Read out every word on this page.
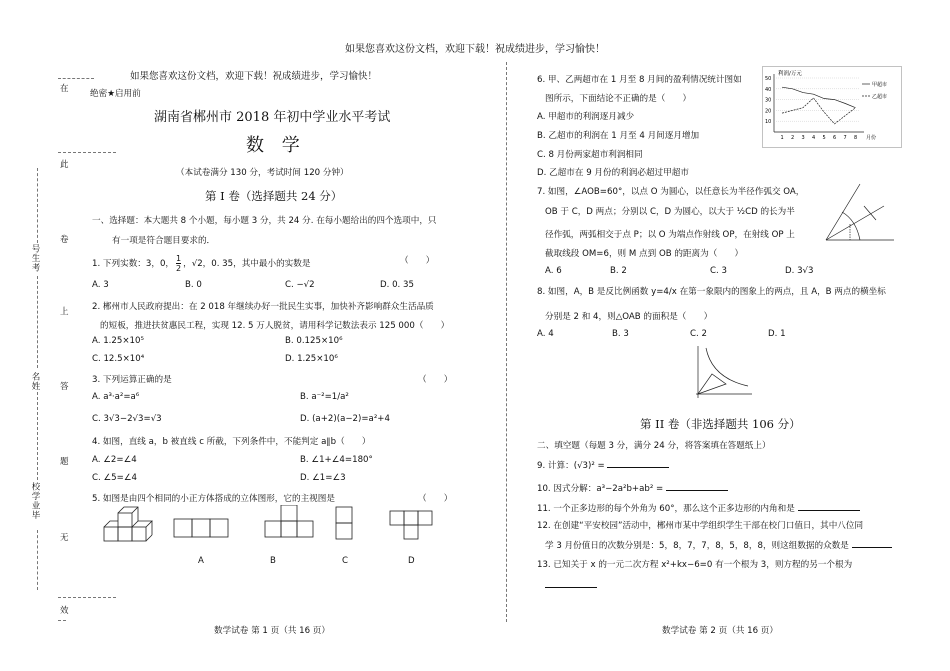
如果您喜欢这份文档，欢迎下载！祝成绩进步，学习愉快！
在
此
卷
上
答
题
无
效
号生考
名姓
校学业毕
如果您喜欢这份文档，欢迎下载！祝成绩进步，学习愉快！
绝密★启用前
湖南省郴州市 2018 年初中学业水平考试
数 学
（本试卷满分 130 分，考试时间 120 分钟）
第 I 卷（选择题共 24 分）
一、选择题：本大题共 8 个小题，每小题 3 分，共 24 分. 在每小题给出的四个选项中，只
有一项是符合题目要求的．
1. 下列实数：3，0， $\frac{1}{2}$ ，√2，0. 35，其中最小的实数是	（　　）
A. 3	B. 0	C. −√2	D. 0. 35
2. 郴州市人民政府提出：在 2 018 年继续办好一批民生实事，加快补齐影响群众生活品质
的短板，推进扶贫惠民工程，实现 12. 5 万人脱贫，请用科学记数法表示 125 000（　　）
A. 1.25×10⁵	B. 0.125×10⁶
C. 12.5×10⁴	D. 1.25×10⁶
3. 下列运算正确的是	（　　）
A. a³·a²=a⁶	B. a⁻²=1/a²
C. 3√3−2√3=√3	D. (a+2)(a−2)=a²+4
4. 如图，直线 a，b 被直线 c 所截，下列条件中，不能判定 a∥b（　　）
A. ∠2=∠4	B. ∠1+∠4=180°
C. ∠5=∠4	D. ∠1=∠3
5. 如图是由四个相同的小正方体搭成的立体图形，它的主视图是	（　　）
A	B	C	D
数学试卷 第 1 页（共 16 页）
6. 甲、乙两超市在 1 月至 8 月间的盈利情况统计图如
图所示，下面结论不正确的是（　　）
A. 甲超市的利润逐月减少
B. 乙超市的利润在 1 月至 4 月间逐月增加
C. 8 月份两家超市利润相同
D. 乙超市在 9 月份的利润必超过甲超市
利润/万元
月份
10
20
30
40
50
1 2 3 4 5 6 7 8
甲超市
乙超市
7. 如图，∠AOB=60°，以点 O 为圆心，以任意长为半径作弧交 OA，
OB 于 C，D 两点；分别以 C，D 为圆心，以大于 ½CD 的长为半
径作弧，两弧相交于点 P；以 O 为端点作射线 OP，在射线 OP 上
截取线段 OM=6，则 M 点到 OB 的距离为（　　）
A. 6	B. 2	C. 3	D. 3√3
8. 如图，A，B 是反比例函数 y=4/x 在第一象限内的图象上的两点，且 A，B 两点的横坐标
分别是 2 和 4，则△OAB 的面积是（　　）
A. 4	B. 3	C. 2	D. 1
第 II 卷（非选择题共 106 分）
二、填空题（每题 3 分，满分 24 分，将答案填在答题纸上）
9. 计算：(√3)² =
10. 因式分解：a³−2a²b+ab² =
11. 一个正多边形的每个外角为 60°，那么这个正多边形的内角和是
12. 在创建“平安校园”活动中，郴州市某中学组织学生干部在校门口值日，其中八位同
学 3 月份值日的次数分别是：5，8，7，7，8，5，8，8，则这组数据的众数是
13. 已知关于 x 的一元二次方程 x²+kx−6=0 有一个根为 3，则方程的另一个根为
数学试卷 第 2 页（共 16 页）
